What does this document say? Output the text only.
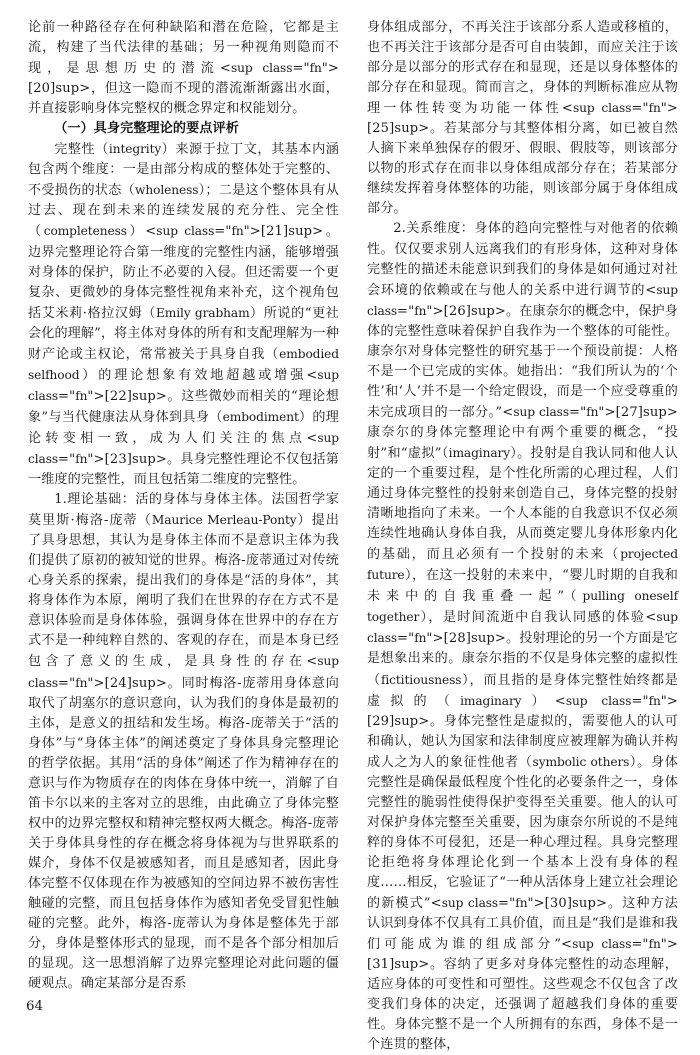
论前一种路径存在何种缺陷和潜在危险，它都是主流，构建了当代法律的基础；另一种视角则隐而不现，是思想历史的潜流<sup class="fn">[20]sup>，但这一隐而不现的潜流渐渐露出水面，并直接影响身体完整权的概念界定和权能划分。

（一）具身完整理论的要点评析

完整性（integrity）来源于拉丁文，其基本内涵包含两个维度：一是由部分构成的整体处于完整的、不受损伤的状态（wholeness）；二是这个整体具有从过去、现在到未来的连续发展的充分性、完全性（completeness）<sup class="fn">[21]sup>。边界完整理论符合第一维度的完整性内涵，能够增强对身体的保护，防止不必要的入侵。但还需要一个更复杂、更微妙的身体完整性视角来补充，这个视角包括艾米莉·格拉汉姆（Emily grabham）所说的“更社会化的理解”，将主体对身体的所有和支配理解为一种财产论或主权论，常常被关于具身自我（embodied selfhood）的理论想象有效地超越或增强<sup class="fn">[22]sup>。这些微妙而相关的“理论想象”与当代健康法从身体到具身（embodiment）的理论转变相一致，成为人们关注的焦点<sup class="fn">[23]sup>。具身完整性理论不仅包括第一维度的完整性，而且包括第二维度的完整性。

1.理论基础：活的身体与身体主体。法国哲学家莫里斯·梅洛-庞蒂（Maurice Merleau-Ponty）提出了具身思想，其认为是身体主体而不是意识主体为我们提供了原初的被知觉的世界。梅洛-庞蒂通过对传统心身关系的探索，提出我们的身体是“活的身体”，其将身体作为本原，阐明了我们在世界的存在方式不是意识体验而是身体体验，强调身体在世界中的存在方式不是一种纯粹自然的、客观的存在，而是本身已经包含了意义的生成，是具身性的存在<sup class="fn">[24]sup>。同时梅洛-庞蒂用身体意向取代了胡塞尔的意识意向，认为我们的身体是最初的主体，是意义的扭结和发生场。梅洛-庞蒂关于“活的身体”与“身体主体”的阐述奠定了身体具身完整理论的哲学依据。其用“活的身体”阐述了作为精神存在的意识与作为物质存在的肉体在身体中统一，消解了自笛卡尔以来的主客对立的思维，由此确立了身体完整权中的边界完整权和精神完整权两大概念。梅洛-庞蒂关于身体具身性的存在概念将身体视为与世界联系的媒介，身体不仅是被感知者，而且是感知者，因此身体完整不仅体现在作为被感知的空间边界不被伤害性触碰的完整，而且包括身体作为感知者免受冒犯性触碰的完整。此外，梅洛-庞蒂认为身体是整体先于部分，身体是整体形式的显现，而不是各个部分相加后的显现。这一思想消解了边界完整理论对此问题的僵硬观点。确定某部分是否系

身体组成部分，不再关注于该部分系人造或移植的，也不再关注于该部分是否可自由装卸，而应关注于该部分是以部分的形式存在和显现，还是以身体整体的部分存在和显现。简而言之，身体的判断标准应从物理一体性转变为功能一体性<sup class="fn">[25]sup>。若某部分与其整体相分离，如已被自然人摘下来单独保存的假牙、假眼、假肢等，则该部分以物的形式存在而非以身体组成部分存在；若某部分继续发挥着身体整体的功能，则该部分属于身体组成部分。

2.关系维度：身体的趋向完整性与对他者的依赖性。仅仅要求别人远离我们的有形身体，这种对身体完整性的描述未能意识到我们的身体是如何通过对社会环境的依赖或在与他人的关系中进行调节的<sup class="fn">[26]sup>。在康奈尔的概念中，保护身体的完整性意味着保护自我作为一个整体的可能性。康奈尔对身体完整性的研究基于一个预设前提：人格不是一个已完成的实体。她指出：“我们所认为的‘个性’和‘人’并不是一个给定假设，而是一个应受尊重的未完成项目的一部分。”<sup class="fn">[27]sup>康奈尔的身体完整理论中有两个重要的概念，“投射”和“虚拟”（imaginary）。投射是自我认同和他人认定的一个重要过程，是个性化所需的心理过程，人们通过身体完整性的投射来创造自己，身体完整的投射清晰地指向了未来。一个人本能的自我意识不仅必须连续性地确认身体自我，从而奠定婴儿身体形象内化的基础，而且必须有一个投射的未来（projected future），在这一投射的未来中，“婴儿时期的自我和未来中的自我重叠一起”（pulling oneself together），是时间流逝中自我认同感的体验<sup class="fn">[28]sup>。投射理论的另一个方面是它是想象出来的。康奈尔指的不仅是身体完整的虚拟性（fictitiousness），而且指的是身体完整性始终都是虚拟的（imaginary）<sup class="fn">[29]sup>。身体完整性是虚拟的，需要他人的认可和确认，她认为国家和法律制度应被理解为确认并构成人之为人的象征性他者（symbolic others）。身体完整性是确保最低程度个性化的必要条件之一，身体完整性的脆弱性使得保护变得至关重要。他人的认可对保护身体完整至关重要，因为康奈尔所说的不是纯粹的身体不可侵犯，还是一种心理过程。具身完整理论拒绝将身体理论化到一个基本上没有身体的程度……相反，它验证了“一种从活体身上建立社会理论的新模式”<sup class="fn">[30]sup>。这种方法认识到身体不仅具有工具价值，而且是“我们是谁和我们可能成为谁的组成部分”<sup class="fn">[31]sup>。容纳了更多对身体完整性的动态理解，适应身体的可变性和可塑性。这些观念不仅包含了改变我们身体的决定，还强调了超越我们身体的重要性。身体完整不是一个人所拥有的东西，身体不是一个连贯的整体，

64
